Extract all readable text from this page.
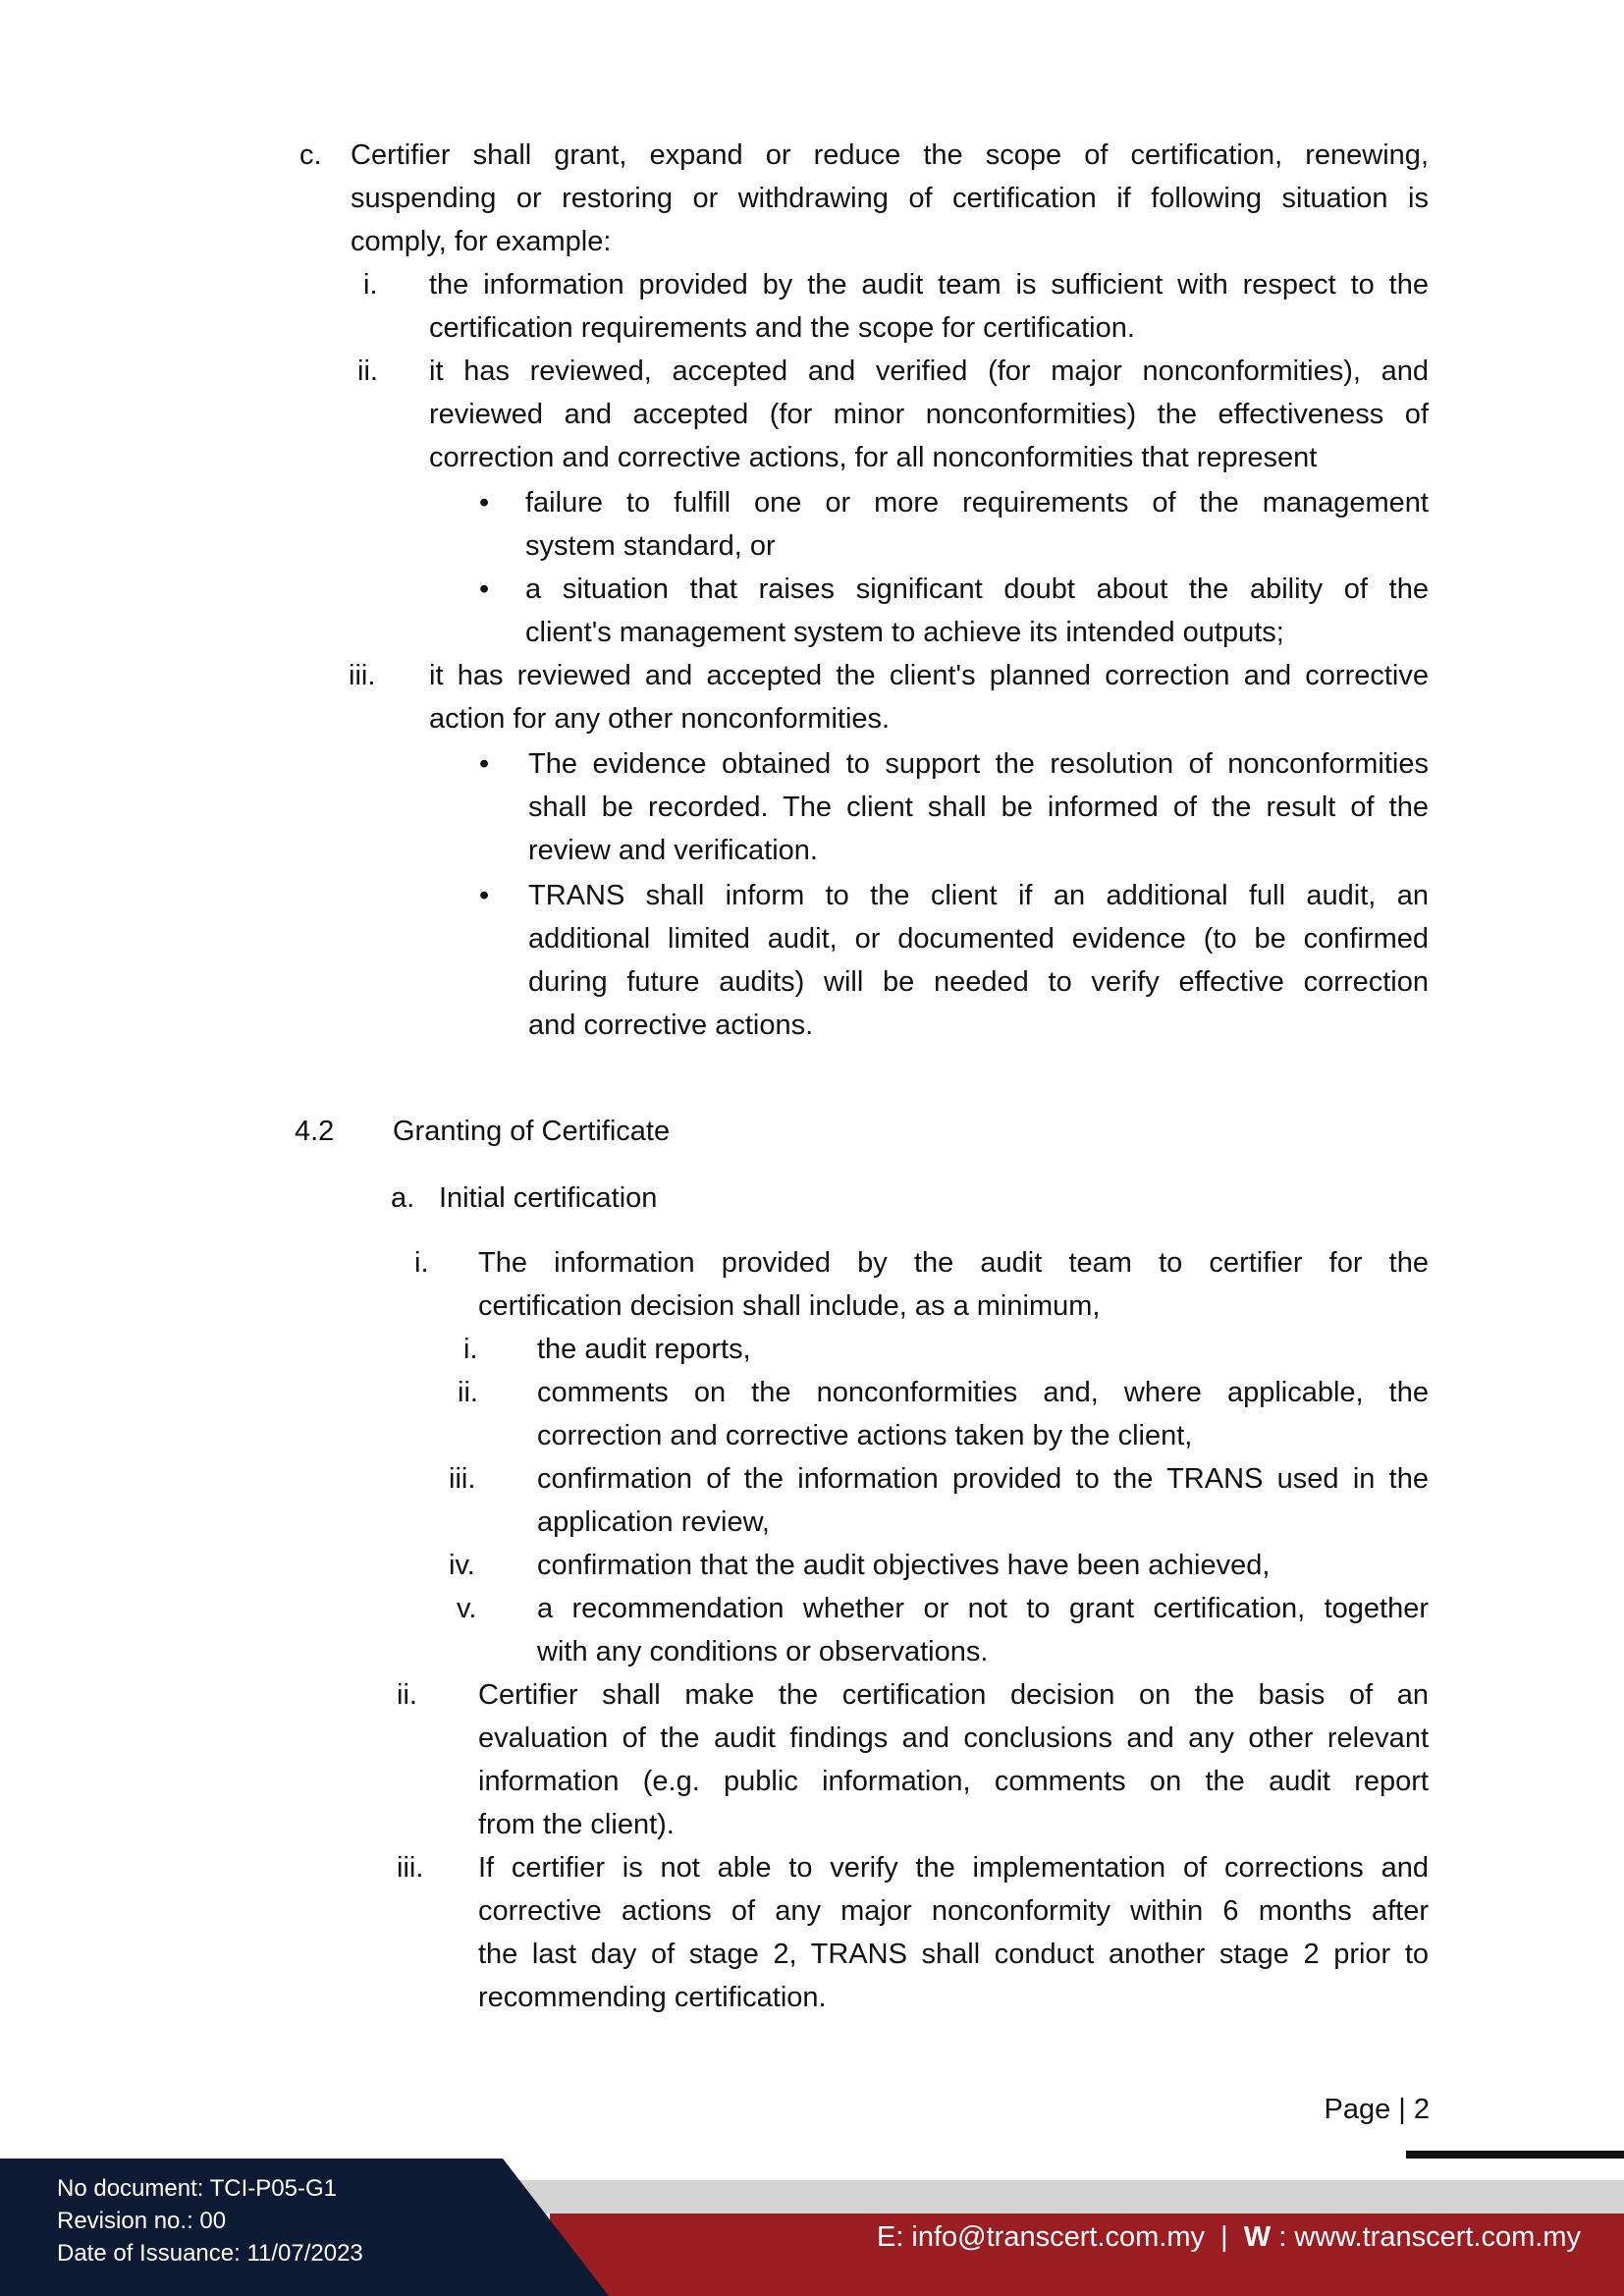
c. Certifier shall grant, expand or reduce the scope of certification, renewing,
suspending or restoring or withdrawing of certification if following situation is
comply, for example:
i. the information provided by the audit team is sufficient with respect to the
certification requirements and the scope for certification.
ii. it has reviewed, accepted and verified (for major nonconformities), and
reviewed and accepted (for minor nonconformities) the effectiveness of
correction and corrective actions, for all nonconformities that represent
• failure to fulfill one or more requirements of the management
system standard, or
• a situation that raises significant doubt about the ability of the
client's management system to achieve its intended outputs;
iii. it has reviewed and accepted the client's planned correction and corrective
action for any other nonconformities.
• The evidence obtained to support the resolution of nonconformities
shall be recorded. The client shall be informed of the result of the
review and verification.
• TRANS shall inform to the client if an additional full audit, an
additional limited audit, or documented evidence (to be confirmed
during future audits) will be needed to verify effective correction
and corrective actions.
4.2 Granting of Certificate
a. Initial certification
i. The information provided by the audit team to certifier for the
certification decision shall include, as a minimum,
i. the audit reports,
ii. comments on the nonconformities and, where applicable, the
correction and corrective actions taken by the client,
iii. confirmation of the information provided to the TRANS used in the
application review,
iv. confirmation that the audit objectives have been achieved,
v. a recommendation whether or not to grant certification, together
with any conditions or observations.
ii. Certifier shall make the certification decision on the basis of an
evaluation of the audit findings and conclusions and any other relevant
information (e.g. public information, comments on the audit report
from the client).
iii. If certifier is not able to verify the implementation of corrections and
corrective actions of any major nonconformity within 6 months after
the last day of stage 2, TRANS shall conduct another stage 2 prior to
recommending certification.
Page | 2
No document: TCI-P05-G1
Revision no.: 00
Date of Issuance: 11/07/2023
E: info@transcert.com.my | W : www.transcert.com.my
